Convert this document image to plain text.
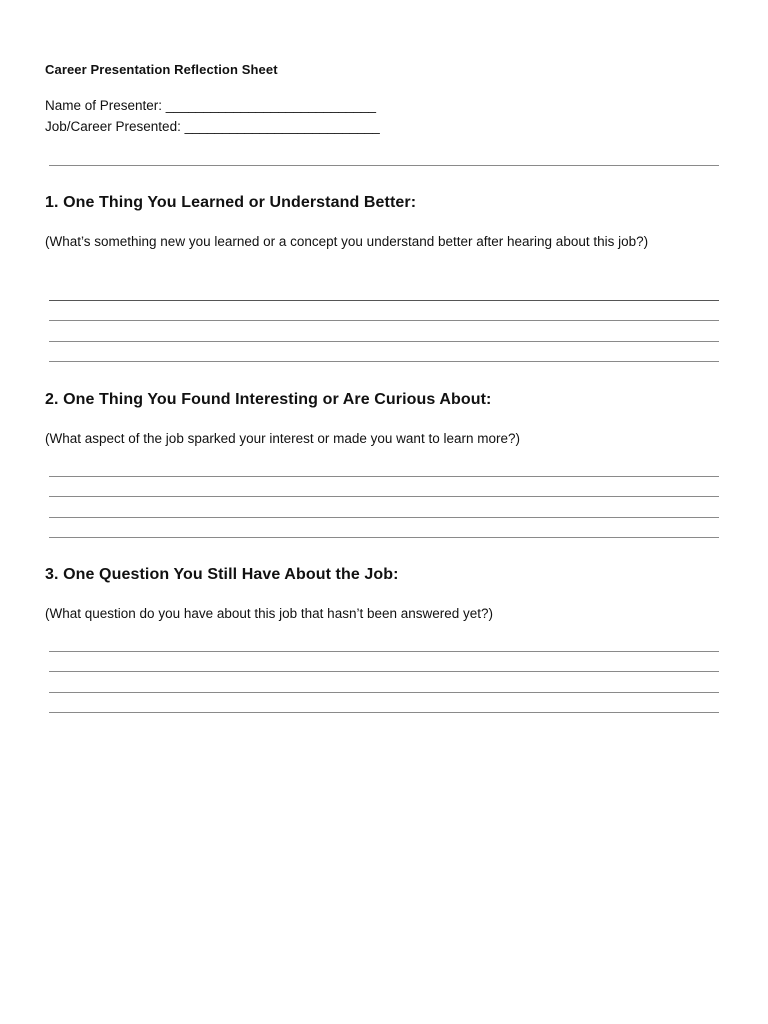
Career Presentation Reflection Sheet
Name of Presenter: ____________________________
Job/Career Presented: __________________________
1. One Thing You Learned or Understand Better:
(What’s something new you learned or a concept you understand better after hearing about this job?)
2. One Thing You Found Interesting or Are Curious About:
(What aspect of the job sparked your interest or made you want to learn more?)
3. One Question You Still Have About the Job:
(What question do you have about this job that hasn’t been answered yet?)
